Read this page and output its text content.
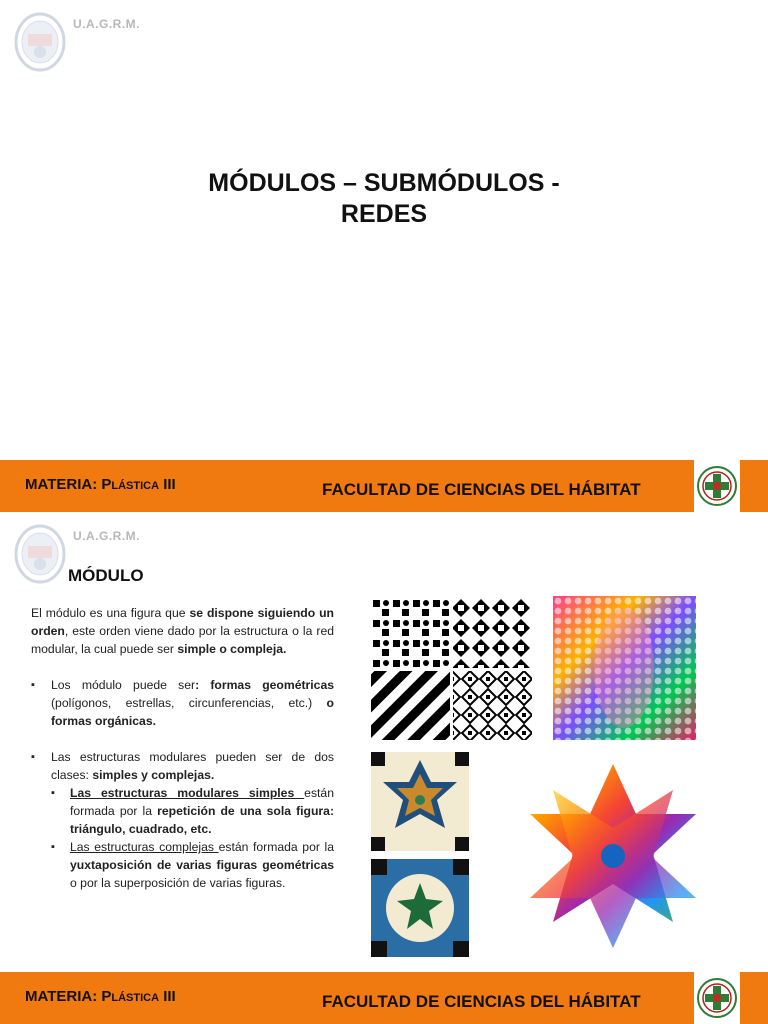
U.A.G.R.M.
MÓDULOS – SUBMÓDULOS -
REDES
MATERIA: Plástica III	FACULTAD DE CIENCIAS DEL HÁBITAT
U.A.G.R.M.
MÓDULO

El módulo es una figura que se dispone siguiendo un orden, este orden viene dado por la estructura o la red modular, la cual puede ser simple o compleja.

▪ Los módulo puede ser: formas geométricas (polígonos, estrellas, circunferencias, etc.) o formas orgánicas.

▪ Las estructuras modulares pueden ser de dos clases: simples y complejas.

▪ Las estructuras modulares simples están formada por la repetición de una sola figura: triángulo, cuadrado, etc.

▪ Las estructuras complejas están formada por la yuxtaposición de varias figuras geométricas o por la superposición de varias figuras.

MATERIA: Plástica III	FACULTAD DE CIENCIAS DEL HÁBITAT
